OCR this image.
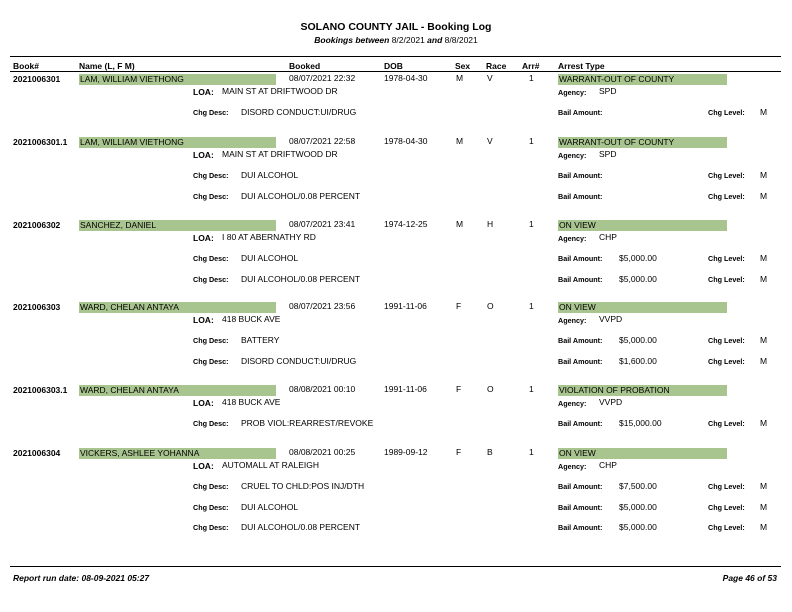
SOLANO COUNTY JAIL - Booking Log
Bookings between 8/2/2021 and 8/8/2021
Book#	Name (L, F M)	Booked	DOB	Sex Race Arr# Arrest Type
2021006301 LAM, WILLIAM VIETHONG	08/07/2021 22:32	1978-04-30	M	V	1	WARRANT-OUT OF COUNTY
LOA: MAIN ST AT DRIFTWOOD DR	Agency: SPD
Chg Desc: DISORD CONDUCT:UI/DRUG	Bail Amount:	Chg Level: M
2021006301.1 LAM, WILLIAM VIETHONG	08/07/2021 22:58	1978-04-30	M	V	1	WARRANT-OUT OF COUNTY
LOA: MAIN ST AT DRIFTWOOD DR	Agency: SPD
Chg Desc: DUI ALCOHOL	Bail Amount:	Chg Level: M
Chg Desc: DUI ALCOHOL/0.08 PERCENT	Bail Amount:	Chg Level: M
2021006302 SANCHEZ, DANIEL	08/07/2021 23:41	1974-12-25	M	H	1	ON VIEW
LOA: I 80 AT ABERNATHY RD	Agency: CHP
Chg Desc: DUI ALCOHOL	Bail Amount: $5,000.00	Chg Level: M
Chg Desc: DUI ALCOHOL/0.08 PERCENT	Bail Amount: $5,000.00	Chg Level: M
2021006303 WARD, CHELAN ANTAYA	08/07/2021 23:56	1991-11-06	F	O	1	ON VIEW
LOA: 418 BUCK AVE	Agency: VVPD
Chg Desc: BATTERY	Bail Amount: $5,000.00	Chg Level: M
Chg Desc: DISORD CONDUCT:UI/DRUG	Bail Amount: $1,600.00	Chg Level: M
2021006303.1 WARD, CHELAN ANTAYA	08/08/2021 00:10	1991-11-06	F	O	1	VIOLATION OF PROBATION
LOA: 418 BUCK AVE	Agency: VVPD
Chg Desc: PROB VIOL:REARREST/REVOKE	Bail Amount: $15,000.00	Chg Level: M
2021006304 VICKERS, ASHLEE YOHANNA	08/08/2021 00:25	1989-09-12	F	B	1	ON VIEW
LOA: AUTOMALL AT RALEIGH	Agency: CHP
Chg Desc: CRUEL TO CHLD:POS INJ/DTH	Bail Amount: $7,500.00	Chg Level: M
Chg Desc: DUI ALCOHOL	Bail Amount: $5,000.00	Chg Level: M
Chg Desc: DUI ALCOHOL/0.08 PERCENT	Bail Amount: $5,000.00	Chg Level: M
Report run date: 08-09-2021 05:27	Page 46 of 53
